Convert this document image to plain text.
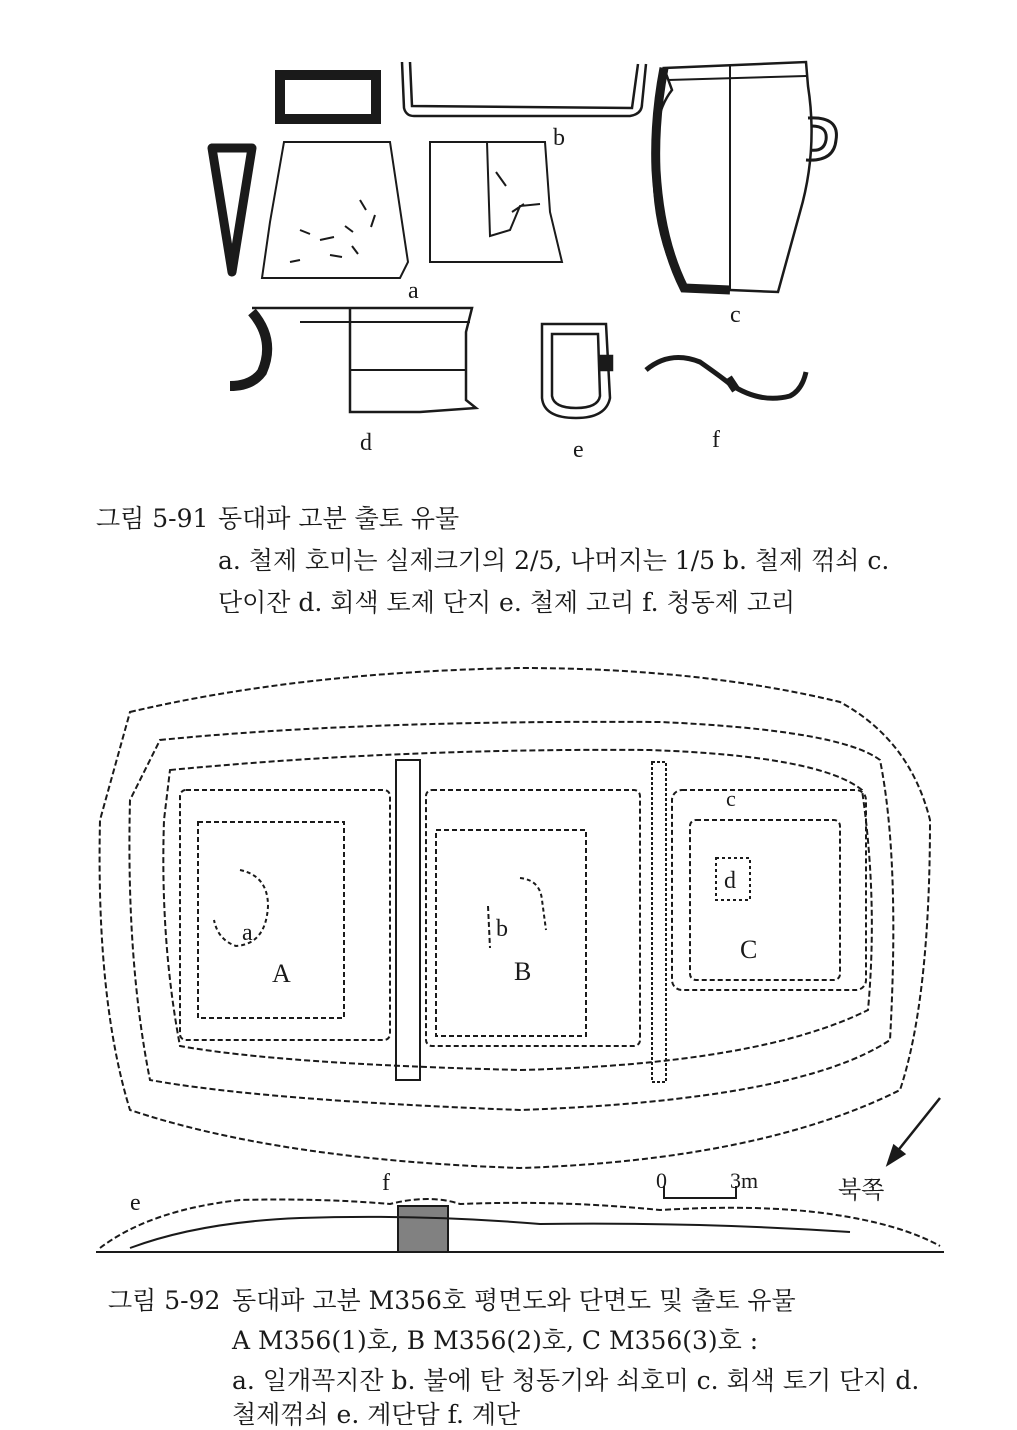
a
b
c
d	e	f
그림 5-91 동대파 고분 출토 유물
a. 철제 호미는 실제크기의 2/5, 나머지는 1/5 b. 철제 꺾쇠 c.
단이잔 d. 회색 토제 단지 e. 철제 고리 f. 청동제 고리
A	B
C
a	b
c
d
북쪽
0	3m
e
f
그림 5-92 동대파 고분 M356호 평면도와 단면도 및 출토 유물
A M356(1)호, B M356(2)호, C M356(3)호 :
a. 일개꼭지잔 b. 불에 탄 청동기와 쇠호미 c. 회색 토기 단지 d.
철제꺾쇠 e. 계단담 f. 계단
